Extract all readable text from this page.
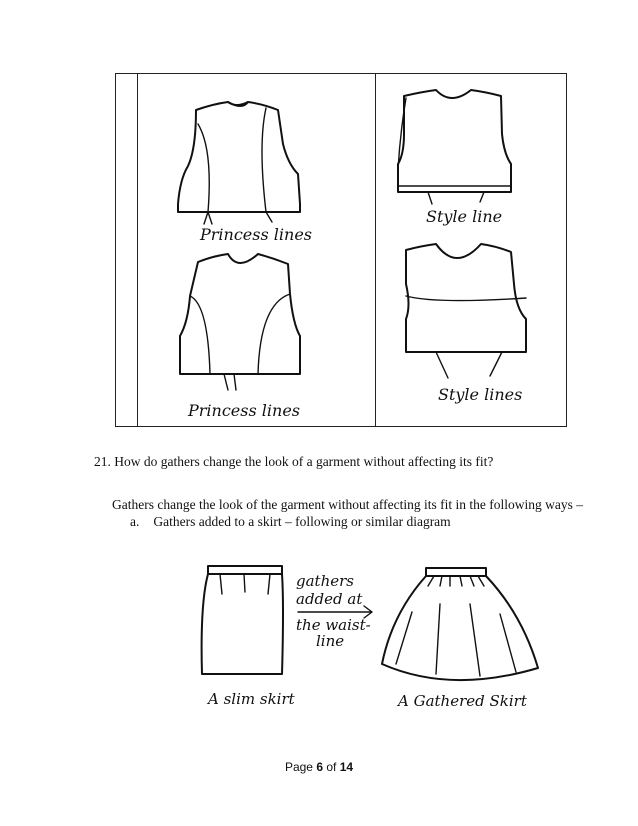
Princess lines
Princess lines
Style line
Style lines
21. How do gathers change the look of a garment without affecting its fit?
Gathers change the look of the garment without affecting its fit in the following ways –
a. Gathers added to a skirt – following or similar diagram
A slim skirt
gathers
added at
the waist-
line
A Gathered Skirt
Page 6 of 14
